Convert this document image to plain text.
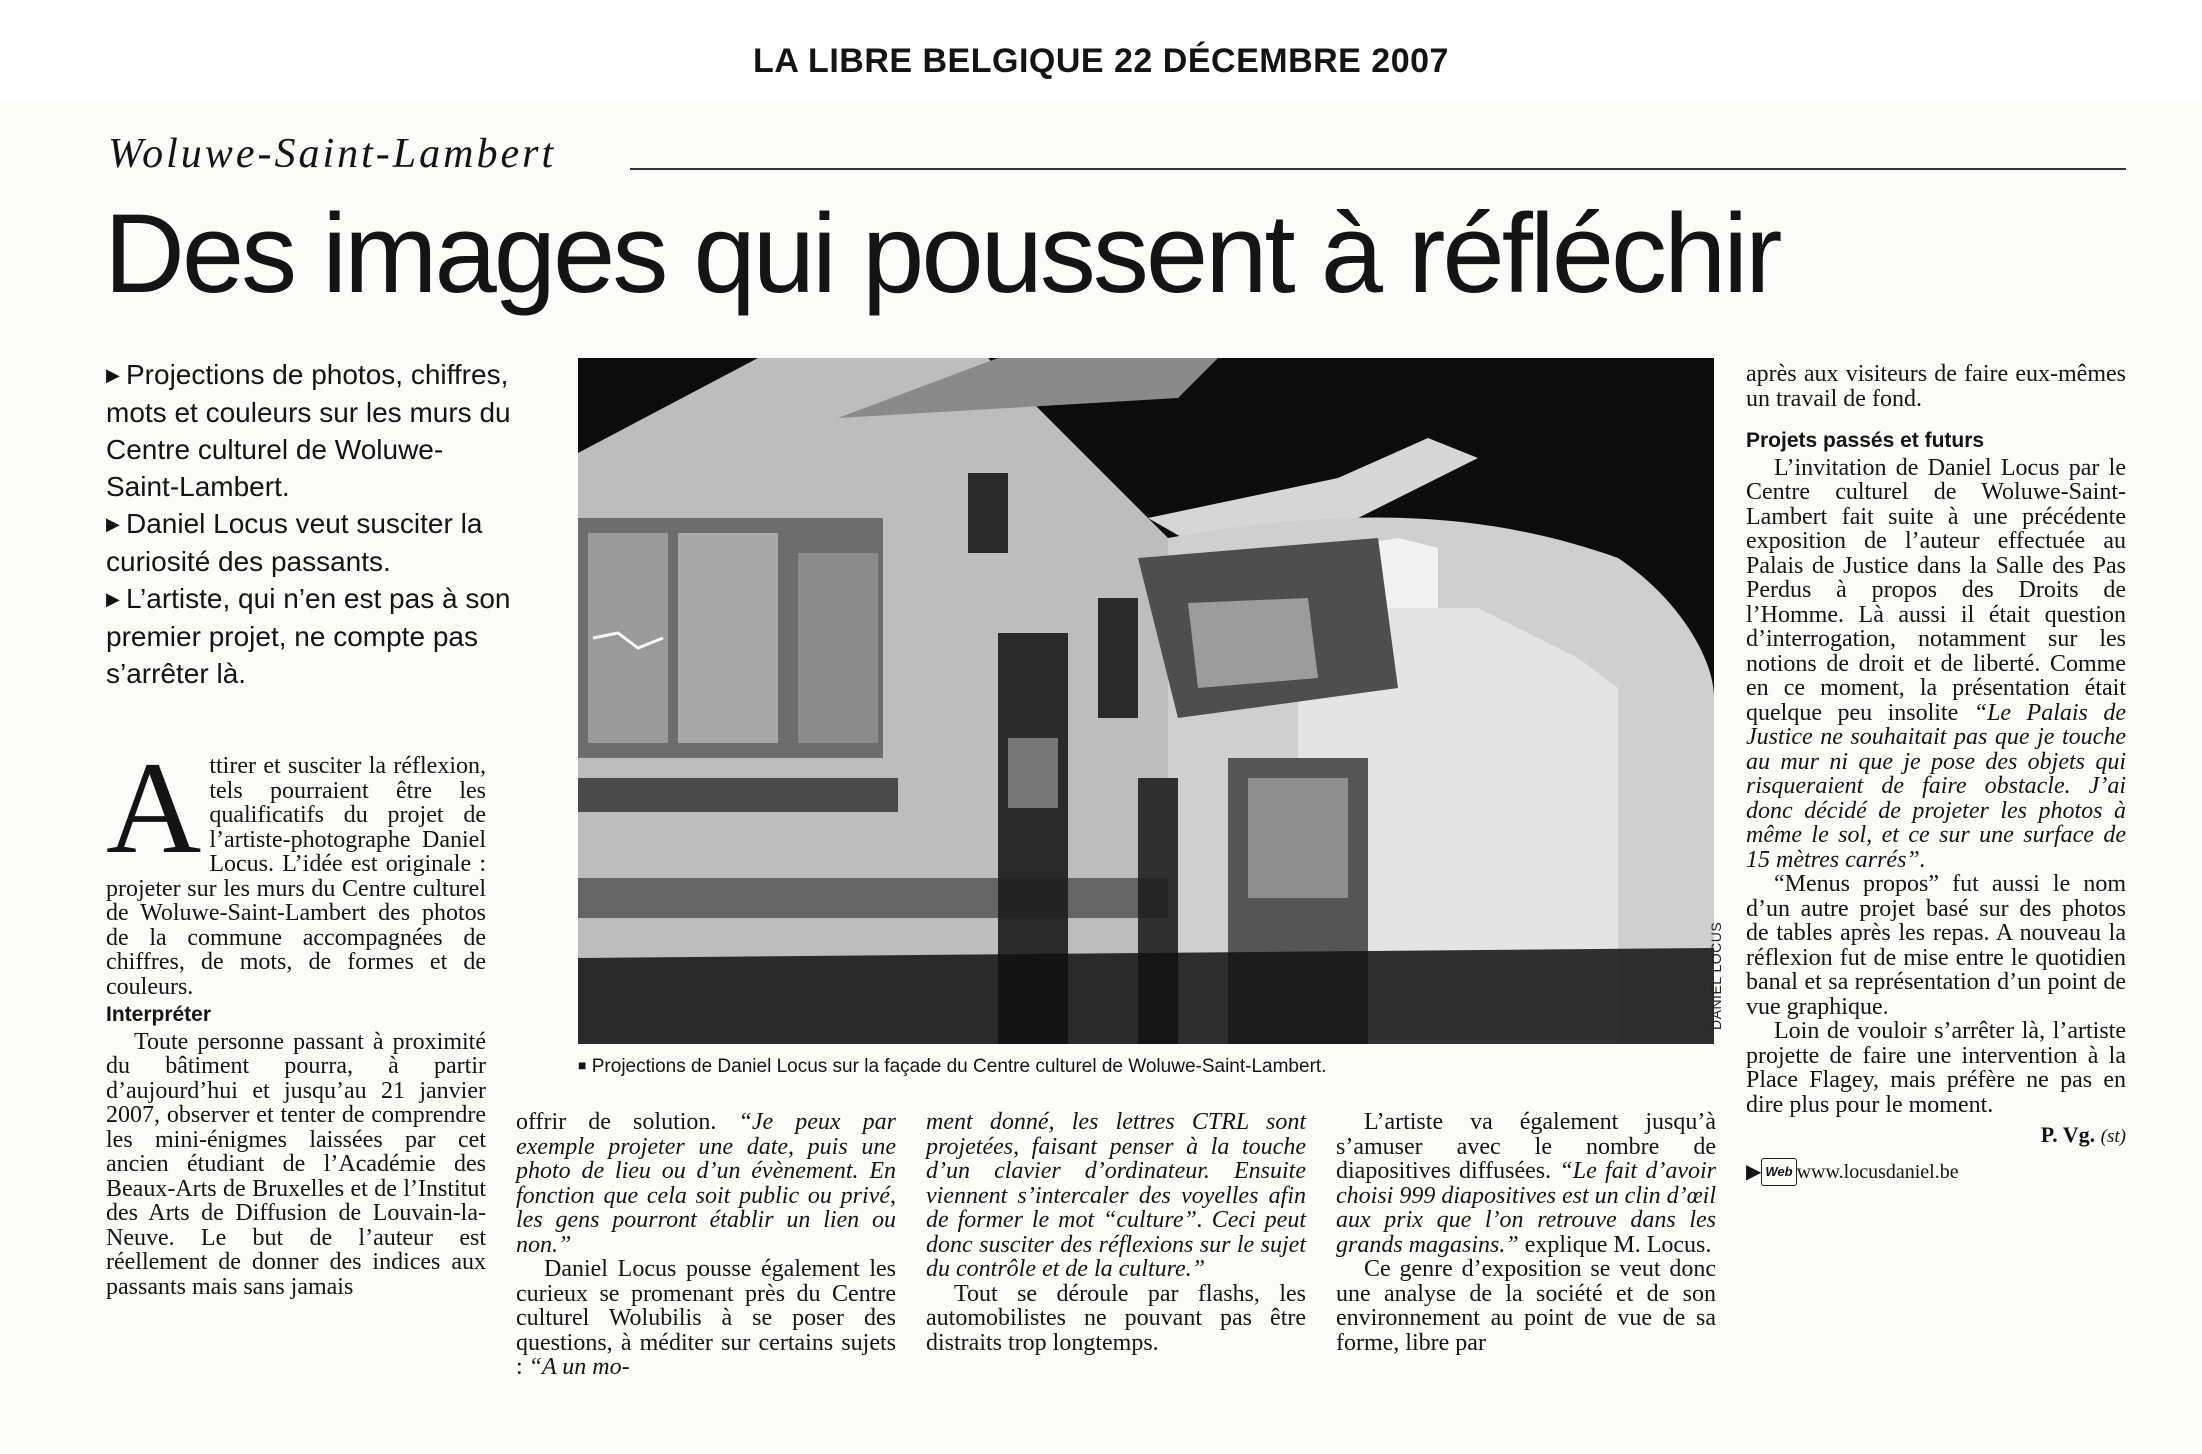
LA LIBRE BELGIQUE 22 DÉCEMBRE 2007
Woluwe-Saint-Lambert
Des images qui poussent à réfléchir
▶ Projections de photos, chiffres, mots et couleurs sur les murs du Centre culturel de Woluwe-Saint-Lambert.
▶ Daniel Locus veut susciter la curiosité des passants.
▶ L’artiste, qui n’en est pas à son premier projet, ne compte pas s’arrêter là.
DANIEL LOCUS
■ Projections de Daniel Locus sur la façade du Centre culturel de Woluwe-Saint-Lambert.

Attirer et susciter la réflexion, tels pourraient être les qualificatifs du projet de l’artiste-photographe Daniel Locus. L’idée est originale : projeter sur les murs du Centre culturel de Woluwe-Saint-Lambert des photos de la commune accompagnées de chiffres, de mots, de formes et de couleurs.

Interpréter

Toute personne passant à proximité du bâtiment pourra, à partir d’aujourd’hui et jusqu’au 21 janvier 2007, observer et tenter de comprendre les mini-énigmes laissées par cet ancien étudiant de l’Académie des Beaux-Arts de Bruxelles et de l’Institut des Arts de Diffusion de Louvain-la-Neuve. Le but de l’auteur est réellement de donner des indices aux passants mais sans jamais

offrir de solution. “Je peux par exemple projeter une date, puis une photo de lieu ou d’un évènement. En fonction que cela soit public ou privé, les gens pourront établir un lien ou non.”

Daniel Locus pousse également les curieux se promenant près du Centre culturel Wolubilis à se poser des questions, à méditer sur certains sujets : “A un mo-

ment donné, les lettres CTRL sont projetées, faisant penser à la touche d’un clavier d’ordinateur. Ensuite viennent s’intercaler des voyelles afin de former le mot “culture”. Ceci peut donc susciter des réflexions sur le sujet du contrôle et de la culture.”

Tout se déroule par flashs, les automobilistes ne pouvant pas être distraits trop longtemps.

L’artiste va également jusqu’à s’amuser avec le nombre de diapositives diffusées. “Le fait d’avoir choisi 999 diapositives est un clin d’œil aux prix que l’on retrouve dans les grands magasins.” explique M. Locus.

Ce genre d’exposition se veut donc une analyse de la société et de son environnement au point de vue de sa forme, libre par

après aux visiteurs de faire eux-mêmes un travail de fond.

Projets passés et futurs

L’invitation de Daniel Locus par le Centre culturel de Woluwe-Saint-Lambert fait suite à une précédente exposition de l’auteur effectuée au Palais de Justice dans la Salle des Pas Perdus à propos des Droits de l’Homme. Là aussi il était question d’interrogation, notamment sur les notions de droit et de liberté. Comme en ce moment, la présentation était quelque peu insolite “Le Palais de Justice ne souhaitait pas que je touche au mur ni que je pose des objets qui risqueraient de faire obstacle. J’ai donc décidé de projeter les photos à même le sol, et ce sur une surface de 15 mètres carrés”.

“Menus propos” fut aussi le nom d’un autre projet basé sur des photos de tables après les repas. A nouveau la réflexion fut de mise entre le quotidien banal et sa représentation d’un point de vue graphique.

Loin de vouloir s’arrêter là, l’artiste projette de faire une intervention à la Place Flagey, mais préfère ne pas en dire plus pour le moment.

P. Vg. (st)
▶ Web www.locusdaniel.be
